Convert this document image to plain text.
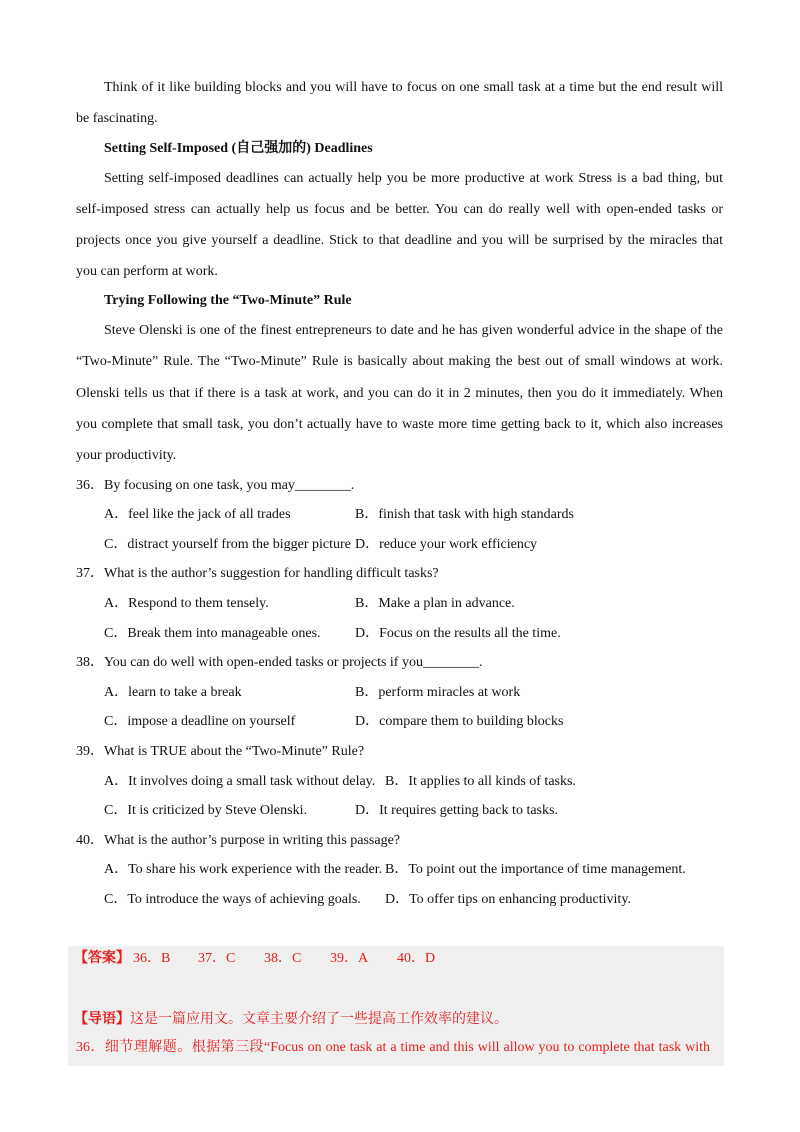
Think of it like building blocks and you will have to focus on one small task at a time but the end result will
be fascinating.
Setting Self-Imposed (自己强加的) Deadlines
Setting self-imposed deadlines can actually help you be more productive at work Stress is a bad thing, but
self-imposed stress can actually help us focus and be better. You can do really well with open-ended tasks or
projects once you give yourself a deadline. Stick to that deadline and you will be surprised by the miracles that
you can perform at work.
Trying Following the “Two-Minute” Rule
Steve Olenski is one of the finest entrepreneurs to date and he has given wonderful advice in the shape of the
“Two-Minute” Rule. The “Two-Minute” Rule is basically about making the best out of small windows at work.
Olenski tells us that if there is a task at work, and you can do it in 2 minutes, then you do it immediately. When
you complete that small task, you don’t actually have to waste more time getting back to it, which also increases
your productivity.
36．By focusing on one task, you may________.
A．feel like the jack of all trades	B．finish that task with high standards
C．distract yourself from the bigger picture D．reduce your work efficiency
37．What is the author’s suggestion for handling difficult tasks?
A．Respond to them tensely.	B．Make a plan in advance.
C．Break them into manageable ones. D．Focus on the results all the time.
38．You can do well with open-ended tasks or projects if you________.
A．learn to take a break	B．perform miracles at work
C．impose a deadline on yourself	D．compare them to building blocks
39．What is TRUE about the “Two-Minute” Rule?
A．It involves doing a small task without delay. B．It applies to all kinds of tasks.
C．It is criticized by Steve Olenski.	D．It requires getting back to tasks.
40．What is the author’s purpose in writing this passage?
A．To share his work experience with the reader. B．To point out the importance of time management.
C．To introduce the ways of achieving goals. D．To offer tips on enhancing productivity.
【答案】 36．B 37．C 38．C 39．A 40．D
【导语】这是一篇应用文。文章主要介绍了一些提高工作效率的建议。
36．细节理解题。根据第三段“Focus on one task at a time and this will allow you to complete that task with
